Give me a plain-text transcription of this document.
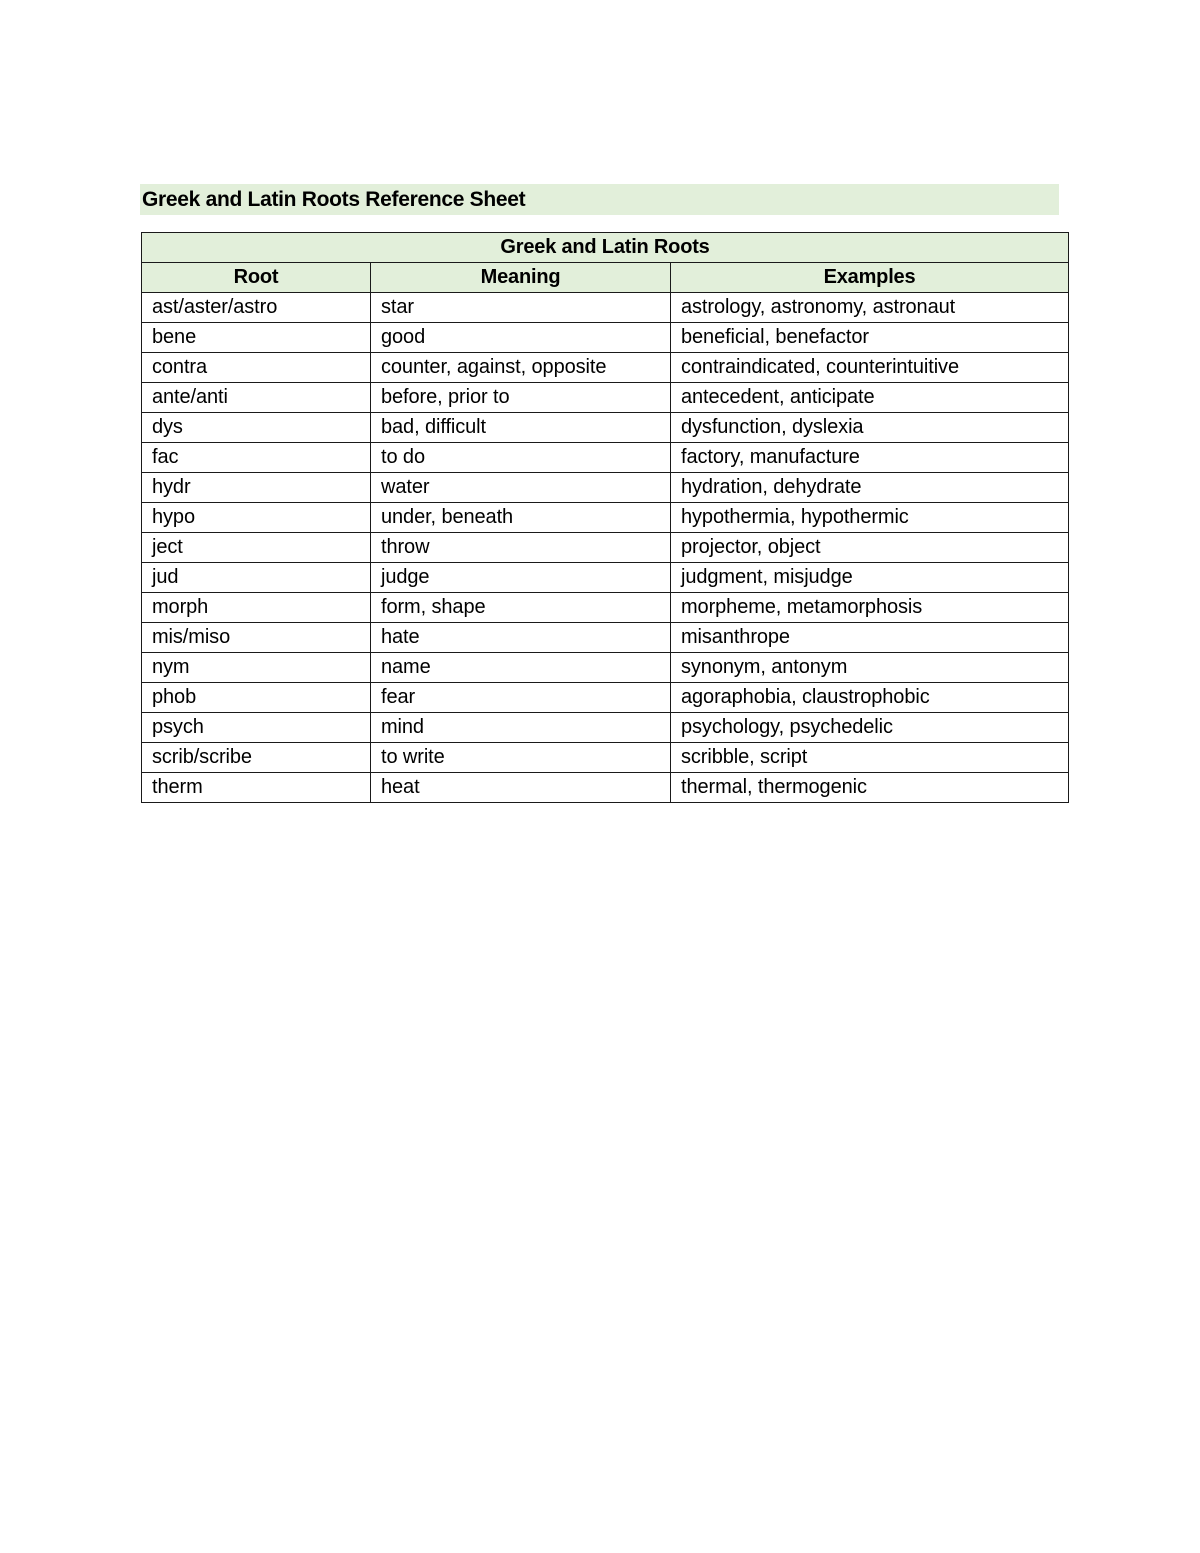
Greek and Latin Roots Reference Sheet
Greek and Latin Roots		
Root	Meaning	Examples
ast/aster/astro	star	astrology, astronomy, astronaut
bene	good	beneficial, benefactor
contra	counter, against, opposite	contraindicated, counterintuitive
ante/anti	before, prior to	antecedent, anticipate
dys	bad, difficult	dysfunction, dyslexia
fac	to do	factory, manufacture
hydr	water	hydration, dehydrate
hypo	under, beneath	hypothermia, hypothermic
ject	throw	projector, object
jud	judge	judgment, misjudge
morph	form, shape	morpheme, metamorphosis
mis/miso	hate	misanthrope
nym	name	synonym, antonym
phob	fear	agoraphobia, claustrophobic
psych	mind	psychology, psychedelic
scrib/scribe	to write	scribble, script
therm	heat	thermal, thermogenic
